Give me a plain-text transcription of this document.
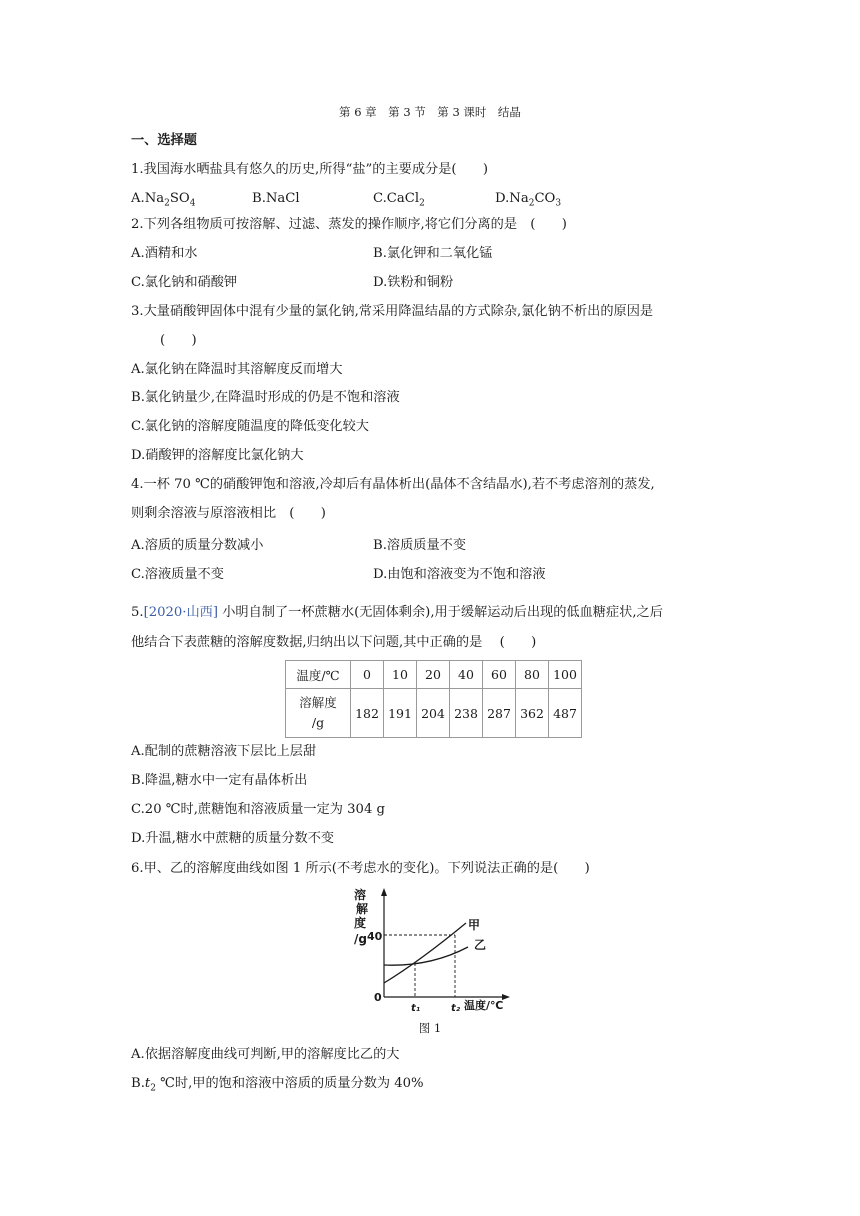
第 6 章　第 3 节　第 3 课时　结晶
一、选择题
1.我国海水晒盐具有悠久的历史,所得“盐”的主要成分是(　　)
$A.Na_2SO_4$	B.NaCl	C.CaCl$_2$	$D.Na_2CO_3$
2.下列各组物质可按溶解、过滤、蒸发的操作顺序,将它们分离的是　(　　)
A.酒精和水	B.氯化钾和二氧化锰
C.氯化钠和硝酸钾	D.铁粉和铜粉
3.大量硝酸钾固体中混有少量的氯化钠,常采用降温结晶的方式除杂,氯化钠不析出的原因是
(　　)
A.氯化钠在降温时其溶解度反而增大
B.氯化钠量少,在降温时形成的仍是不饱和溶液
C.氯化钠的溶解度随温度的降低变化较大
D.硝酸钾的溶解度比氯化钠大
4.一杯 70 ℃的硝酸钾饱和溶液,冷却后有晶体析出(晶体不含结晶水),若不考虑溶剂的蒸发,
则剩余溶液与原溶液相比　(　　)
A.溶质的质量分数减小	B.溶质质量不变
C.溶液质量不变	D.由饱和溶液变为不饱和溶液
5.[2020·山西] 小明自制了一杯蔗糖水(无固体剩余),用于缓解运动后出现的低血糖症状,之后
他结合下表蔗糖的溶解度数据,归纳出以下问题,其中正确的是　 (　　)
温度/℃	0	10	20	40	60	80	100

溶解度
/g	182	191	204	238	287	362	487
A.配制的蔗糖溶液下层比上层甜
B.降温,糖水中一定有晶体析出
C.20 ℃时,蔗糖饱和溶液质量一定为 304 g
D.升温,糖水中蔗糖的质量分数不变
6.甲、乙的溶解度曲线如图 1 所示(不考虑水的变化)。下列说法正确的是(　　)
溶
解
度
/g 40
0
t₁	t₂ 温度/℃
甲
乙
图 1
A.依据溶解度曲线可判断,甲的溶解度比乙的大
$B.t_2$ ℃时,甲的饱和溶液中溶质的质量分数为 40%
